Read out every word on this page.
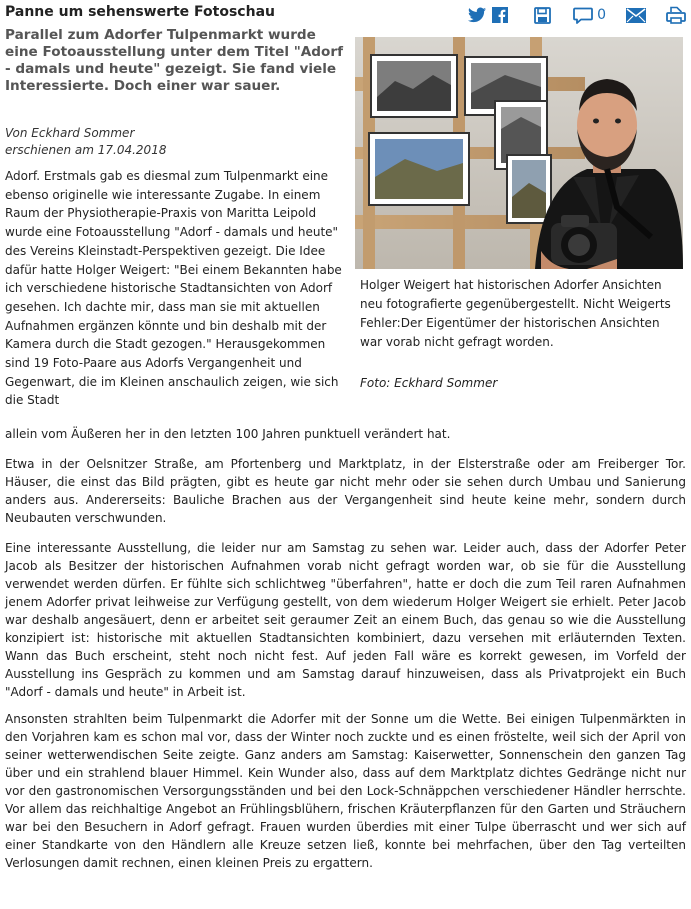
Panne um sehenswerte Fotoschau	0
Parallel zum Adorfer Tulpenmarkt wurde eine Fotoausstellung unter dem Titel "Adorf - damals und heute" gezeigt. Sie fand viele Interessierte. Doch einer war sauer.
Von Eckhard Sommer
erschienen am 17.04.2018
Holger Weigert hat historischen Adorfer Ansichten neu fotografierte gegenübergestellt. Nicht Weigerts Fehler:Der Eigentümer der historischen Ansichten war vorab nicht gefragt worden.
Foto: Eckhard Sommer

Adorf. Erstmals gab es diesmal zum Tulpenmarkt eine ebenso originelle wie interessante Zugabe. In einem Raum der Physiotherapie-Praxis von Maritta Leipold wurde eine Fotoausstellung "Adorf - damals und heute" des Vereins Kleinstadt-Perspektiven gezeigt. Die Idee dafür hatte Holger Weigert: "Bei einem Bekannten habe ich verschiedene historische Stadtansichten von Adorf gesehen. Ich dachte mir, dass man sie mit aktuellen Aufnahmen ergänzen könnte und bin deshalb mit der Kamera durch die Stadt gezogen." Herausgekommen sind 19 Foto-Paare aus Adorfs Vergangenheit und Gegenwart, die im Kleinen anschaulich zeigen, wie sich die Stadt

allein vom Äußeren her in den letzten 100 Jahren punktuell verändert hat.

Etwa in der Oelsnitzer Straße, am Pfortenberg und Marktplatz, in der Elsterstraße oder am Freiberger Tor. Häuser, die einst das Bild prägten, gibt es heute gar nicht mehr oder sie sehen durch Umbau und Sanierung anders aus. Andererseits: Bauliche Brachen aus der Vergangenheit sind heute keine mehr, sondern durch Neubauten verschwunden.

Eine interessante Ausstellung, die leider nur am Samstag zu sehen war. Leider auch, dass der Adorfer Peter Jacob als Besitzer der historischen Aufnahmen vorab nicht gefragt worden war, ob sie für die Ausstellung verwendet werden dürfen. Er fühlte sich schlichtweg "überfahren", hatte er doch die zum Teil raren Aufnahmen jenem Adorfer privat leihweise zur Verfügung gestellt, von dem wiederum Holger Weigert sie erhielt. Peter Jacob war deshalb angesäuert, denn er arbeitet seit geraumer Zeit an einem Buch, das genau so wie die Ausstellung konzipiert ist: historische mit aktuellen Stadtansichten kombiniert, dazu versehen mit erläuternden Texten. Wann das Buch erscheint, steht noch nicht fest. Auf jeden Fall wäre es korrekt gewesen, im Vorfeld der Ausstellung ins Gespräch zu kommen und am Samstag darauf hinzuweisen, dass als Privatprojekt ein Buch "Adorf - damals und heute" in Arbeit ist.

Ansonsten strahlten beim Tulpenmarkt die Adorfer mit der Sonne um die Wette. Bei einigen Tulpenmärkten in den Vorjahren kam es schon mal vor, dass der Winter noch zuckte und es einen fröstelte, weil sich der April von seiner wetterwendischen Seite zeigte. Ganz anders am Samstag: Kaiserwetter, Sonnenschein den ganzen Tag über und ein strahlend blauer Himmel. Kein Wunder also, dass auf dem Marktplatz dichtes Gedränge nicht nur vor den gastronomischen Versorgungsständen und bei den Lock-Schnäppchen verschiedener Händler herrschte. Vor allem das reichhaltige Angebot an Frühlingsblühern, frischen Kräuterpflanzen für den Garten und Sträuchern war bei den Besuchern in Adorf gefragt. Frauen wurden überdies mit einer Tulpe überrascht und wer sich auf einer Standkarte von den Händlern alle Kreuze setzen ließ, konnte bei mehrfachen, über den Tag verteilten Verlosungen damit rechnen, einen kleinen Preis zu ergattern.
